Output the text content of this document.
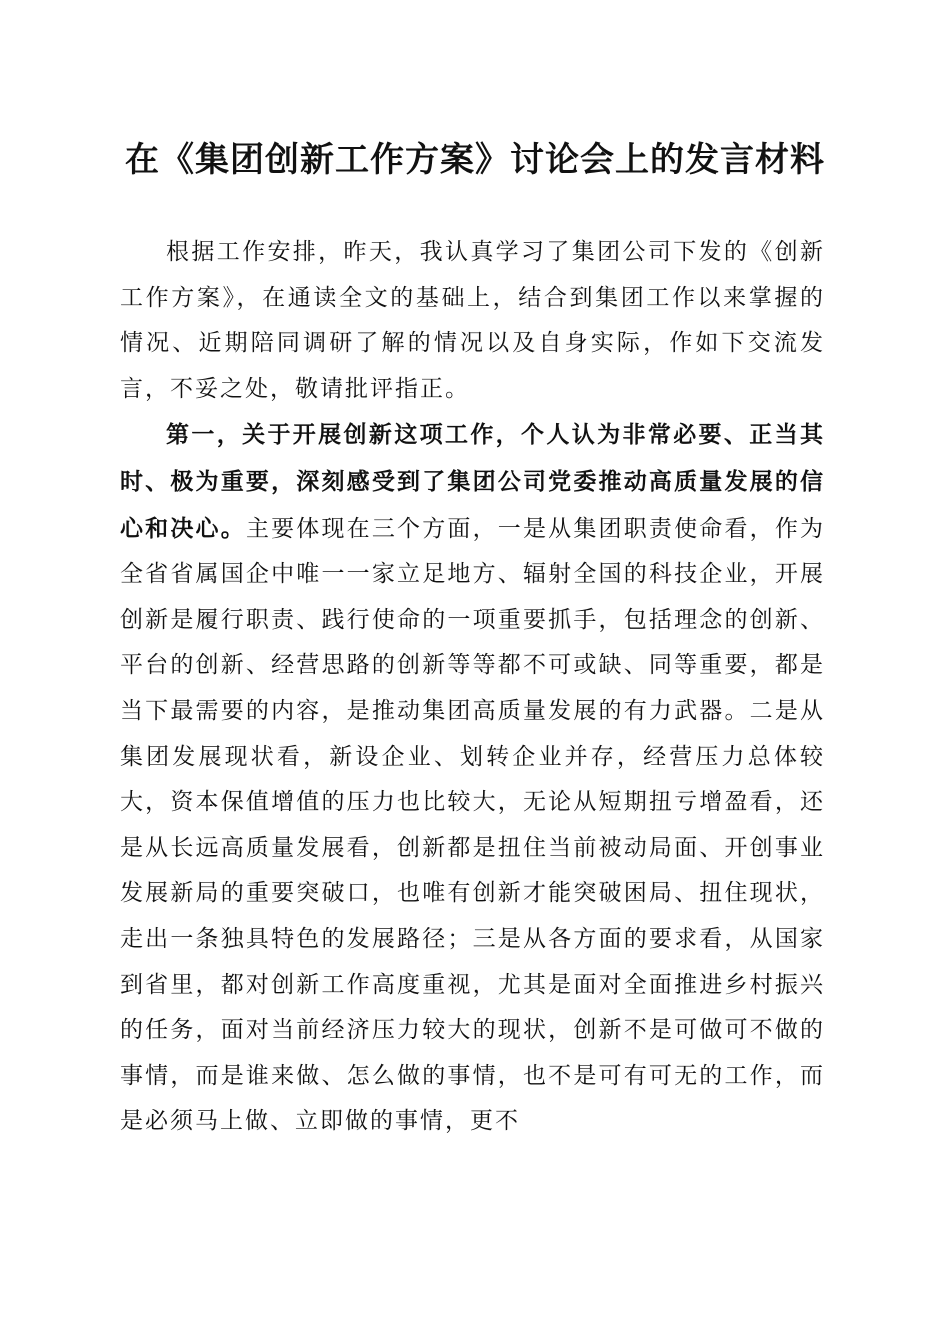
在《集团创新工作方案》讨论会上的发言材料

根据工作安排，昨天，我认真学习了集团公司下发的《创新工作方案》，在通读全文的基础上，结合到集团工作以来掌握的情况、近期陪同调研了解的情况以及自身实际，作如下交流发言，不妥之处，敬请批评指正。

第一，关于开展创新这项工作，个人认为非常必要、正当其时、极为重要，深刻感受到了集团公司党委推动高质量发展的信心和决心。主要体现在三个方面，一是从集团职责使命看，作为全省省属国企中唯一一家立足地方、辐射全国的科技企业，开展创新是履行职责、践行使命的一项重要抓手，包括理念的创新、平台的创新、经营思路的创新等等都不可或缺、同等重要，都是当下最需要的内容，是推动集团高质量发展的有力武器。二是从集团发展现状看，新设企业、划转企业并存，经营压力总体较大，资本保值增值的压力也比较大，无论从短期扭亏增盈看，还是从长远高质量发展看，创新都是扭住当前被动局面、开创事业发展新局的重要突破口，也唯有创新才能突破困局、扭住现状，走出一条独具特色的发展路径；三是从各方面的要求看，从国家到省里，都对创新工作高度重视，尤其是面对全面推进乡村振兴的任务，面对当前经济压力较大的现状，创新不是可做可不做的事情，而是谁来做、怎么做的事情，也不是可有可无的工作，而是必须马上做、立即做的事情，更不
